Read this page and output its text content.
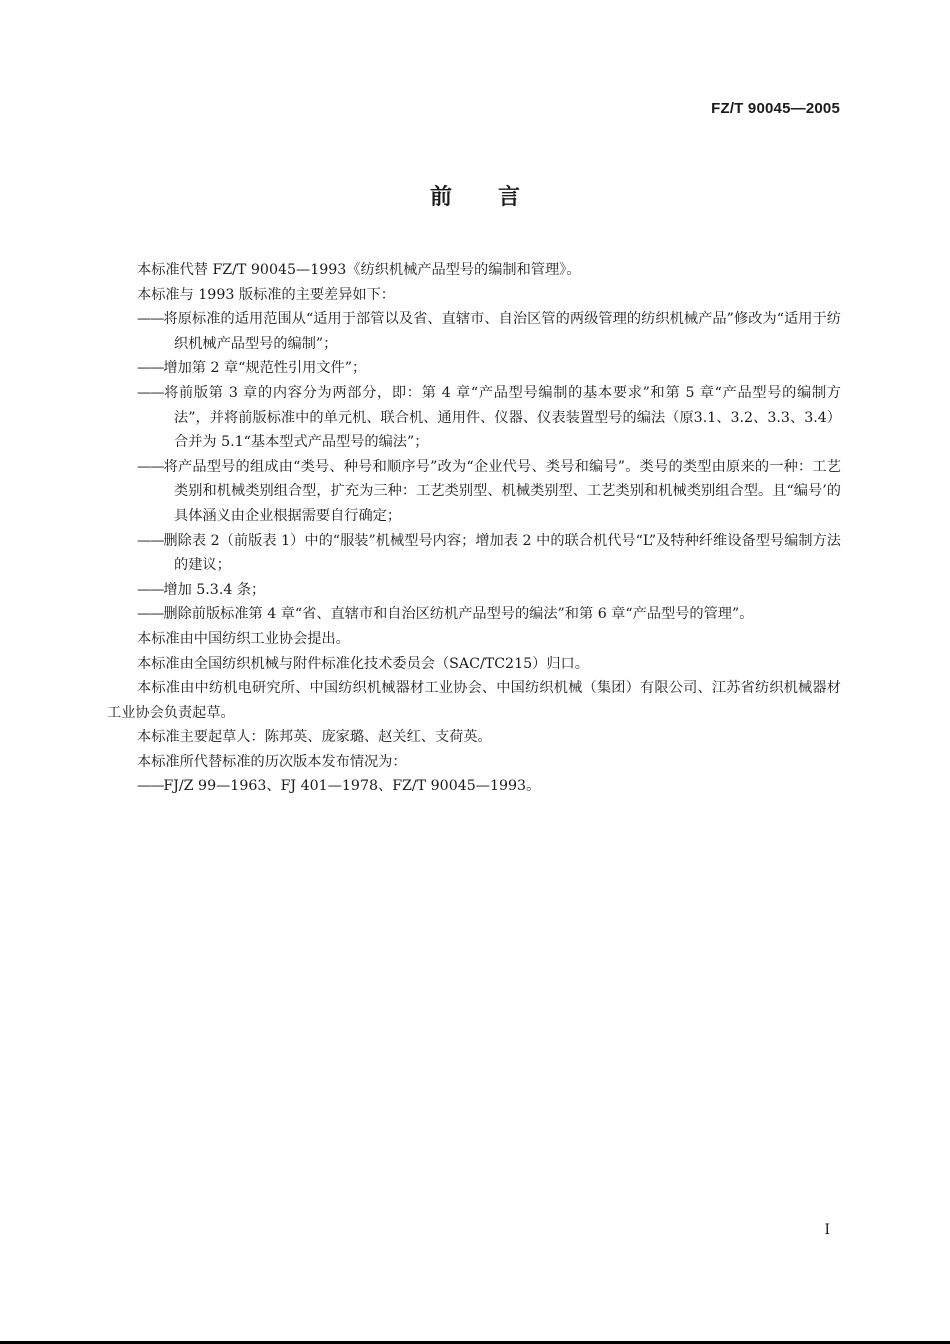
FZ/T 90045—2005
前言

本标准代替 FZ/T 90045—1993《纺织机械产品型号的编制和管理》。

本标准与 1993 版标准的主要差异如下：

——将原标准的适用范围从“适用于部管以及省、直辖市、自治区管的两级管理的纺织机械产品”修改为“适用于纺织机械产品型号的编制”；

——增加第 2 章“规范性引用文件”；

——将前版第 3 章的内容分为两部分，即：第 4 章“产品型号编制的基本要求”和第 5 章“产品型号的编制方法”，并将前版标准中的单元机、联合机、通用件、仪器、仪表装置型号的编法（原3.1、3.2、3.3、3.4）合并为 5.1“基本型式产品型号的编法”；

——将产品型号的组成由“类号、种号和顺序号”改为“企业代号、类号和编号”。类号的类型由原来的一种：工艺类别和机械类别组合型，扩充为三种：工艺类别型、机械类别型、工艺类别和机械类别组合型。且“编号’的具体涵义由企业根据需要自行确定；

——删除表 2（前版表 1）中的“服装”机械型号内容；增加表 2 中的联合机代号“L”及特种纤维设备型号编制方法的建议；

——增加 5.3.4 条；

——删除前版标准第 4 章“省、直辖市和自治区纺机产品型号的编法”和第 6 章“产品型号的管理”。

本标准由中国纺织工业协会提出。

本标准由全国纺织机械与附件标准化技术委员会（SAC/TC215）归口。

本标准由中纺机电研究所、中国纺织机械器材工业协会、中国纺织机械（集团）有限公司、江苏省纺织机械器材工业协会负责起草。

本标准主要起草人：陈邦英、庞家璐、赵关红、支荷英。

本标准所代替标准的历次版本发布情况为：

——FJ/Z 99—1963、FJ 401—1978、FZ/T 90045—1993。

I
